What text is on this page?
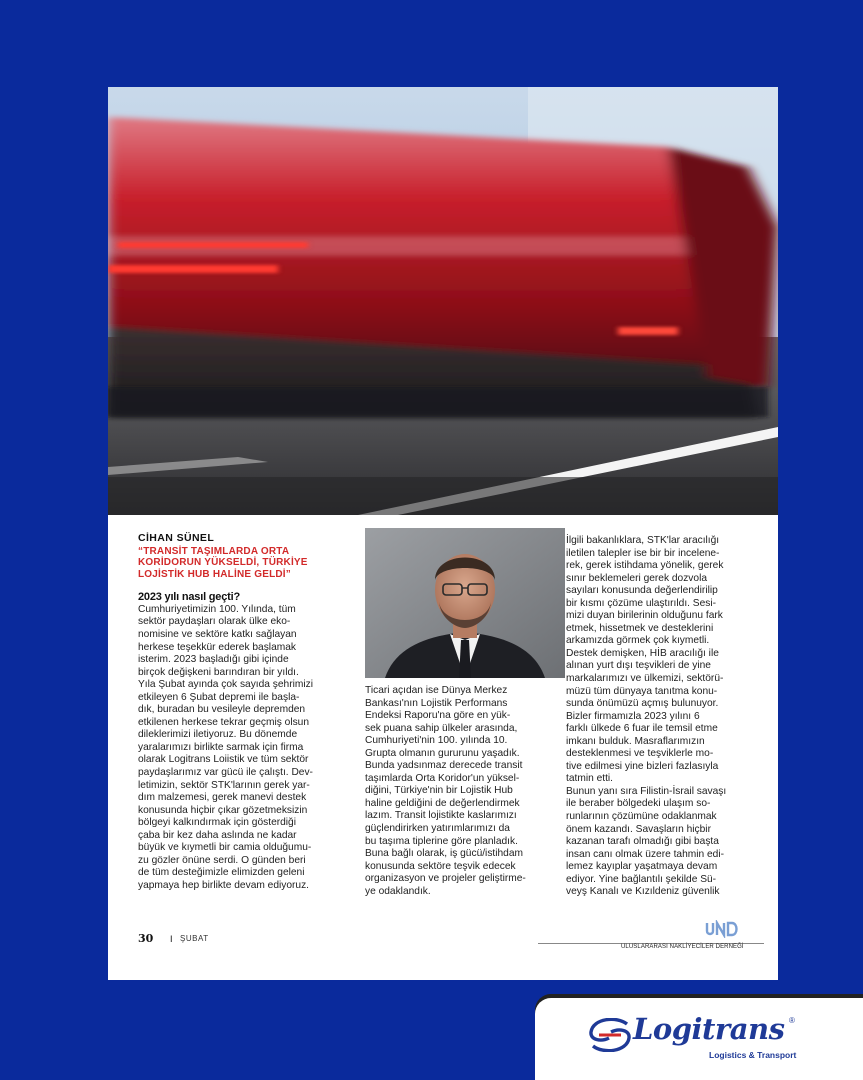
CİHAN SÜNEL
“TRANSİT TAŞIMLARDA ORTA
KORİDORUN YÜKSELDİ, TÜRKİYE
LOJİSTİK HUB HALİNE GELDİ”
2023 yılı nasıl geçti?
Cumhuriyetimizin 100. Yılında, tüm
sektör paydaşları olarak ülke eko-
nomisine ve sektöre katkı sağlayan
herkese teşekkür ederek başlamak
isterim. 2023 başladığı gibi içinde
birçok değişkeni barındıran bir yıldı.
Yıla Şubat ayında çok sayıda şehrimizi
etkileyen 6 Şubat depremi ile başla-
dık, buradan bu vesileyle depremden
etkilenen herkese tekrar geçmiş olsun
dileklerimizi iletiyoruz. Bu dönemde
yaralarımızı birlikte sarmak için firma
olarak Logitrans Loiistik ve tüm sektör
paydaşlarımız var gücü ile çalıştı. Dev-
letimizin, sektör STK'larının gerek yar-
dım malzemesi, gerek manevi destek
konusunda hiçbir çıkar gözetmeksizin
bölgeyi kalkındırmak için gösterdiği
çaba bir kez daha aslında ne kadar
büyük ve kıymetli bir camia olduğumu-
zu gözler önüne serdi. O günden beri
de tüm desteğimizle elimizden geleni
yapmaya hep birlikte devam ediyoruz.
Ticari açıdan ise Dünya Merkez
Bankası'nın Lojistik Performans
Endeksi Raporu'na göre en yük-
sek puana sahip ülkeler arasında,
Cumhuriyeti'nin 100. yılında 10.
Grupta olmanın gururunu yaşadık.
Bunda yadsınmaz derecede transit
taşımlarda Orta Koridor'un yüksel-
diğini, Türkiye'nin bir Lojistik Hub
haline geldiğini de değerlendirmek
lazım. Transit lojistikte kaslarımızı
güçlendirirken yatırımlarımızı da
bu taşıma tiplerine göre planladık.
Buna bağlı olarak, iş gücü/istihdam
konusunda sektöre teşvik edecek
organizasyon ve projeler geliştirme-
ye odaklandık.
İlgili bakanlıklara, STK'lar aracılığı
iletilen talepler ise bir bir incelene-
rek, gerek istihdama yönelik, gerek
sınır beklemeleri gerek dozvola
sayıları konusunda değerlendirilip
bir kısmı çözüme ulaştırıldı. Sesi-
mizi duyan birilerinin olduğunu fark
etmek, hissetmek ve desteklerini
arkamızda görmek çok kıymetli.
Destek demişken, HİB aracılığı ile
alınan yurt dışı teşvikleri de yine
markalarımızı ve ülkemizi, sektörü-
müzü tüm dünyaya tanıtma konu-
sunda önümüzü açmış bulunuyor.
Bizler firmamızla 2023 yılını 6
farklı ülkede 6 fuar ile temsil etme
imkanı bulduk. Masraflarımızın
desteklenmesi ve teşviklerle mo-
tive edilmesi yine bizleri fazlasıyla
tatmin etti.
Bunun yanı sıra Filistin-İsrail savaşı
ile beraber bölgedeki ulaşım so-
runlarının çözümüne odaklanmak
önem kazandı. Savaşların hiçbir
kazanan tarafı olmadığı gibi başta
insan canı olmak üzere tahmin edi-
lemez kayıplar yaşatmaya devam
ediyor. Yine bağlantılı şekilde Sü-
veyş Kanalı ve Kızıldeniz güvenlik
30 I ŞUBAT
ULUSLARARASI NAKLİYECİLER DERNEĞİ
Logitrans ®
Logistics & Transport
